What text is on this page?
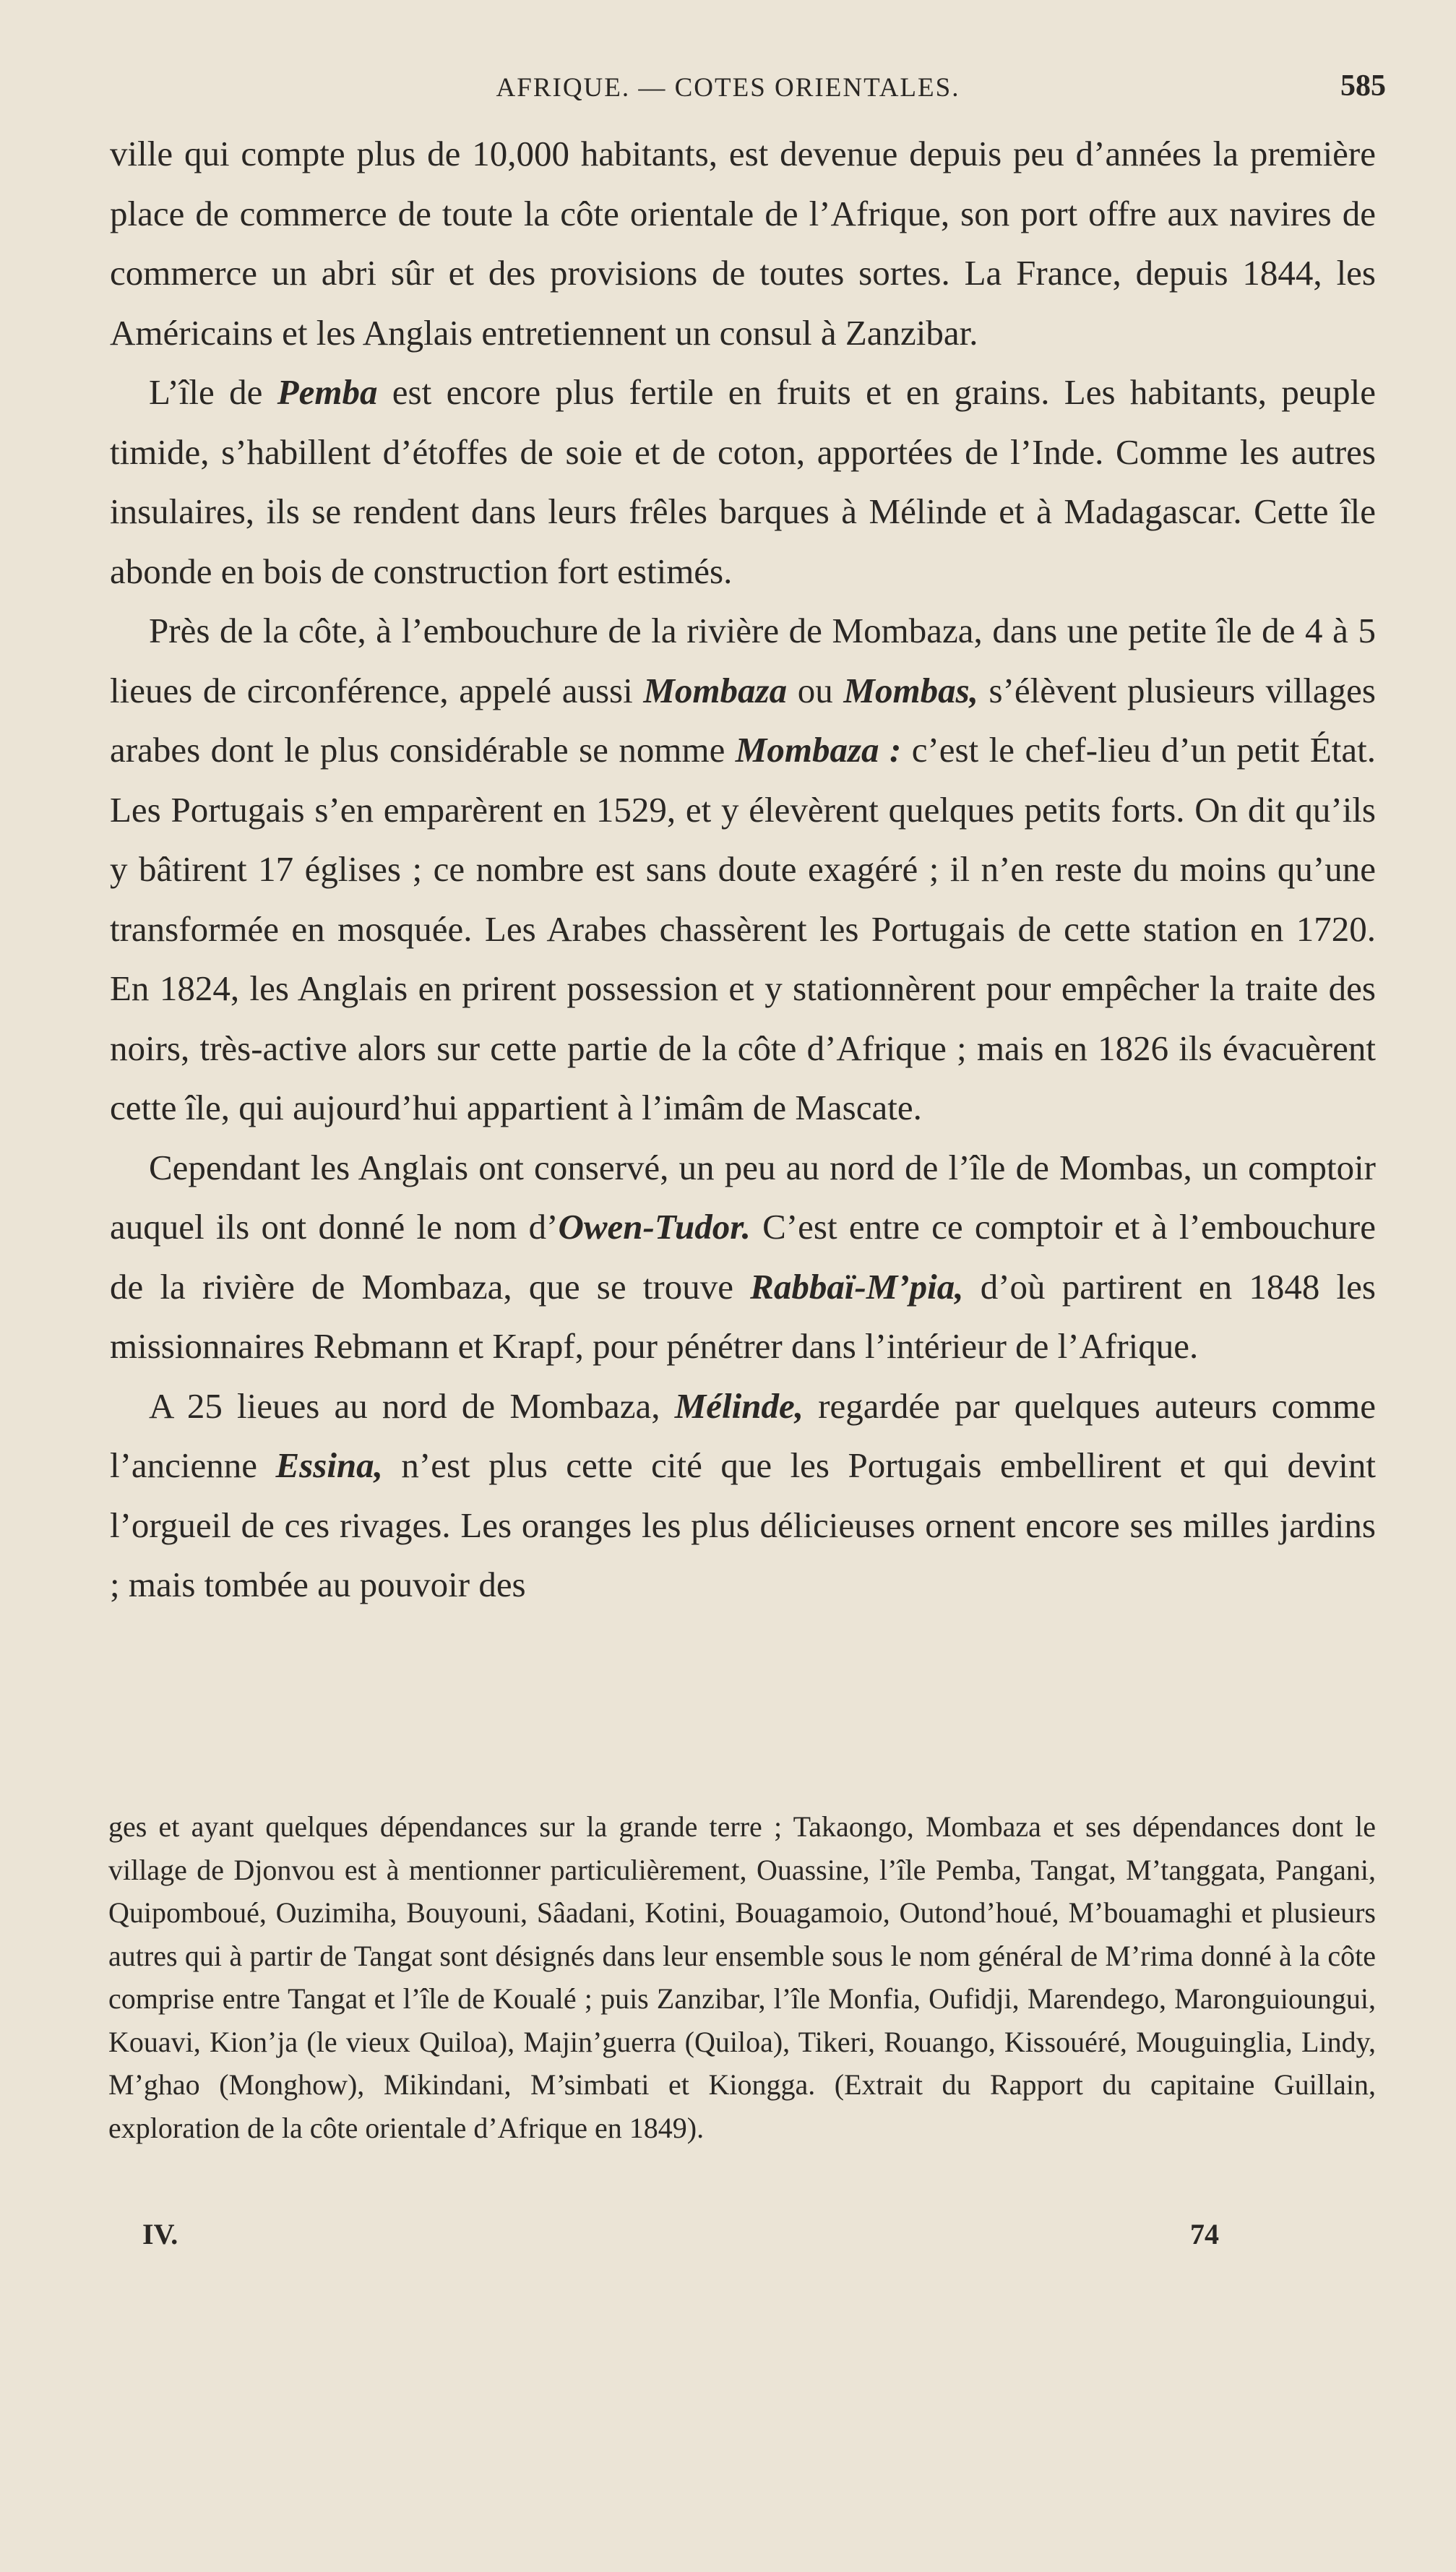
AFRIQUE. — COTES ORIENTALES.	585

ville qui compte plus de 10,000 habitants, est devenue depuis peu d’années la première place de commerce de toute la côte orientale de l’Afrique, son port offre aux navires de commerce un abri sûr et des provisions de toutes sortes. La France, depuis 1844, les Américains et les Anglais entretiennent un consul à Zanzibar.

L’île de Pemba est encore plus fertile en fruits et en grains. Les habitants, peuple timide, s’habillent d’étoffes de soie et de coton, apportées de l’Inde. Comme les autres insulaires, ils se rendent dans leurs frêles barques à Mélinde et à Madagascar. Cette île abonde en bois de construction fort estimés.

Près de la côte, à l’embouchure de la rivière de Mombaza, dans une petite île de 4 à 5 lieues de circonférence, appelé aussi Mombaza ou Mombas, s’élèvent plusieurs villages arabes dont le plus considérable se nomme Mombaza : c’est le chef-lieu d’un petit État. Les Portugais s’en emparèrent en 1529, et y élevèrent quelques petits forts. On dit qu’ils y bâtirent 17 églises ; ce nombre est sans doute exagéré ; il n’en reste du moins qu’une transformée en mosquée. Les Arabes chassèrent les Portugais de cette station en 1720. En 1824, les Anglais en prirent possession et y stationnèrent pour empêcher la traite des noirs, très-active alors sur cette partie de la côte d’Afrique ; mais en 1826 ils évacuèrent cette île, qui aujourd’hui appartient à l’imâm de Mascate.

Cependant les Anglais ont conservé, un peu au nord de l’île de Mombas, un comptoir auquel ils ont donné le nom d’Owen-Tudor. C’est entre ce comptoir et à l’embouchure de la rivière de Mombaza, que se trouve Rabbaï-M’pia, d’où partirent en 1848 les missionnaires Rebmann et Krapf, pour pénétrer dans l’intérieur de l’Afrique.

A 25 lieues au nord de Mombaza, Mélinde, regardée par quelques auteurs comme l’ancienne Essina, n’est plus cette cité que les Portugais embellirent et qui devint l’orgueil de ces rivages. Les oranges les plus délicieuses ornent encore ses milles jardins ; mais tombée au pouvoir des

ges et ayant quelques dépendances sur la grande terre ; Takaongo, Mombaza et ses dépendances dont le village de Djonvou est à mentionner particulièrement, Ouassine, l’île Pemba, Tangat, M’tanggata, Pangani, Quipomboué, Ouzimiha, Bouyouni, Sâadani, Kotini, Bouagamoio, Outond’houé, M’bouamaghi et plusieurs autres qui à partir de Tangat sont désignés dans leur ensemble sous le nom général de M’rima donné à la côte comprise entre Tangat et l’île de Koualé ; puis Zanzibar, l’île Monfia, Oufidji, Marendego, Maronguioungui, Kouavi, Kion’ja (le vieux Quiloa), Majin’guerra (Quiloa), Tikeri, Rouango, Kissouéré, Mouguinglia, Lindy, M’ghao (Monghow), Mikindani, M’simbati et Kiongga. (Extrait du Rapport du capitaine Guillain, exploration de la côte orientale d’Afrique en 1849).

IV.	74
